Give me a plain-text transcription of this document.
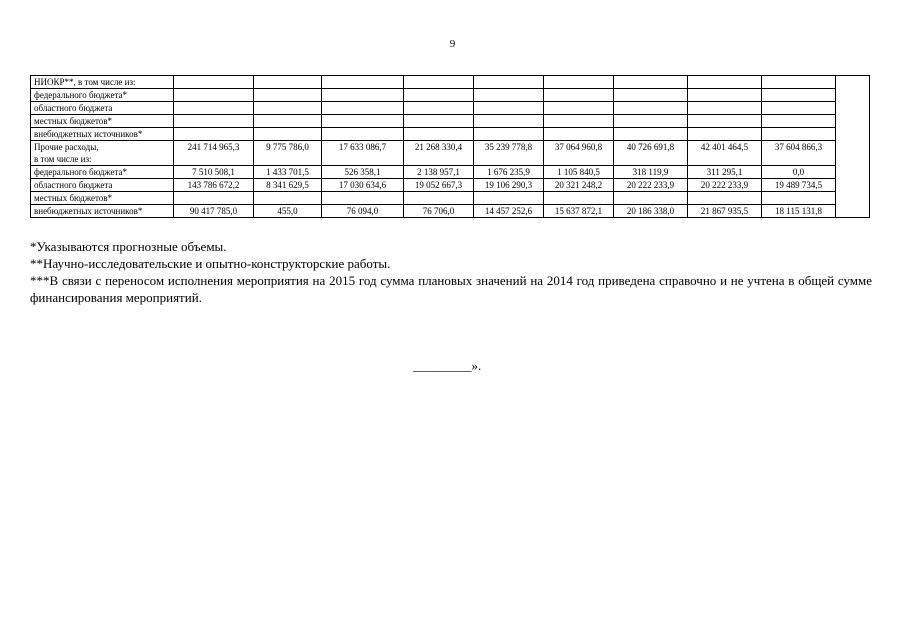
9
НИОКР**, в том числе из:										
федерального бюджета*										
областного бюджета										
местных бюджетов*										
внебюджетных источников*										
Прочие расходы,	241 714 965,3	9 775 786,0	17 633 086,7	21 268 330,4	35 239 778,8	37 064 960,8	40 726 691,8	42 401 464,5	37 604 866,3	
в том числе из:										
федерального бюджета*	7 510 508,1	1 433 701,5	526 358,1	2 138 957,1	1 676 235,9	1 105 840,5	318 119,9	311 295,1	0,0	
областного бюджета	143 786 672,2	8 341 629,5	17 030 634,6	19 052 667,3	19 106 290,3	20 321 248,2	20 222 233,9	20 222 233,9	19 489 734,5	
местных бюджетов*										
внебюджетных источников*	90 417 785,0	455,0	76 094,0	76 706,0	14 457 252,6	15 637 872,1	20 186 338,0	21 867 935,5	18 115 131,8	

*Указываются прогнозные объемы.

**Научно-исследовательские и опытно-конструкторские работы.

***В связи с переносом исполнения мероприятия на 2015 год сумма плановых значений на 2014 год приведена справочно и не учтена в общей сумме финансирования мероприятий.

_________».
